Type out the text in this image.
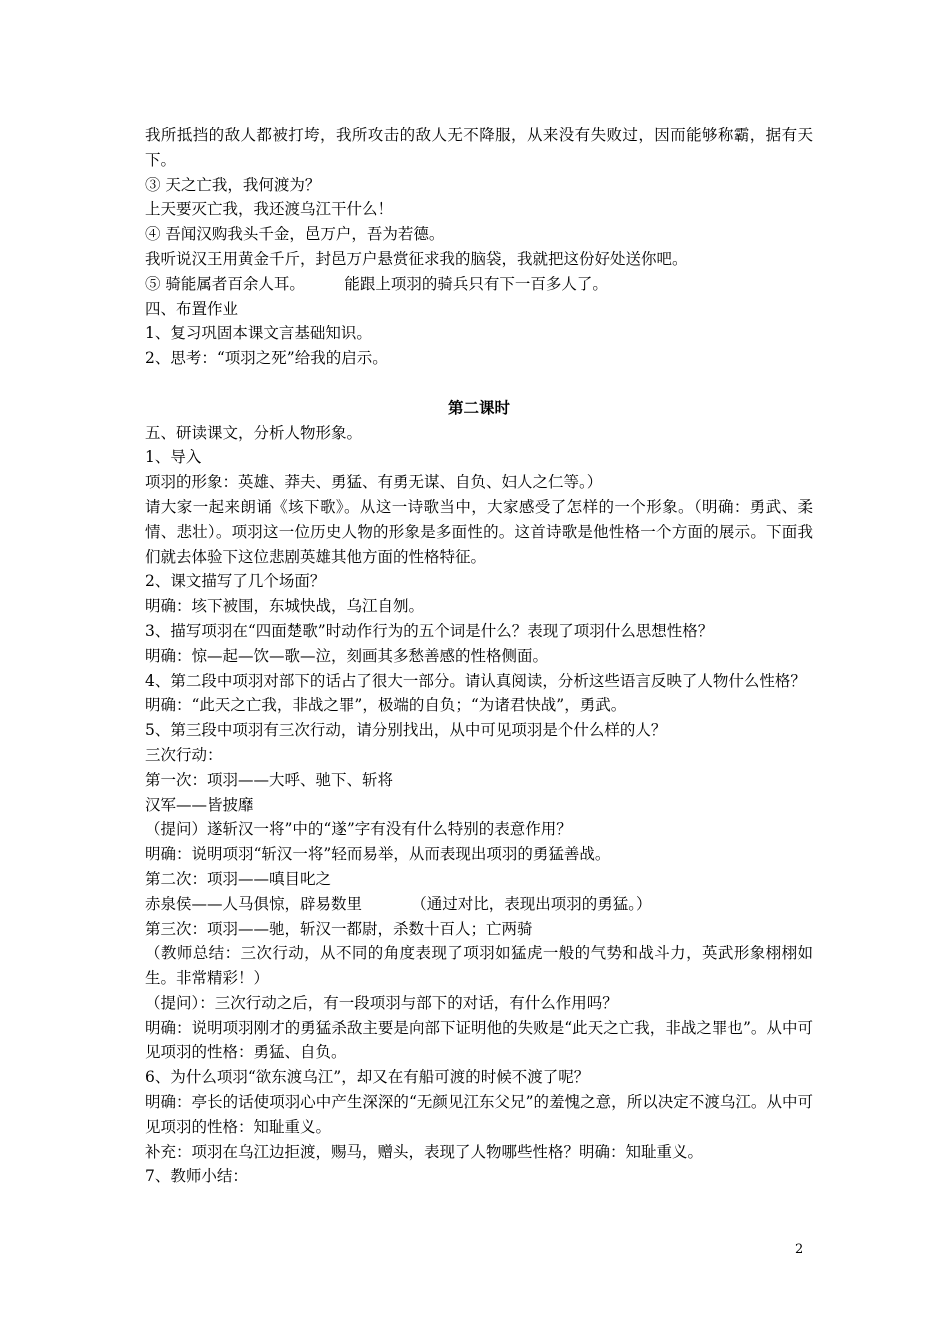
我所抵挡的敌人都被打垮，我所攻击的敌人无不降服，从来没有失败过，因而能够称霸，据有天下。

③ 天之亡我，我何渡为？

上天要灭亡我，我还渡乌江干什么！

④ 吾闻汉购我头千金，邑万户，吾为若德。

我听说汉王用黄金千斤，封邑万户悬赏征求我的脑袋，我就把这份好处送你吧。

⑤ 骑能属者百余人耳。        能跟上项羽的骑兵只有下一百多人了。

四、布置作业

1、复习巩固本课文言基础知识。

2、思考：“项羽之死”给我的启示。

第二课时

五、研读课文，分析人物形象。

1、导入

项羽的形象：英雄、莽夫、勇猛、有勇无谋、自负、妇人之仁等。）

请大家一起来朗诵《垓下歌》。从这一诗歌当中，大家感受了怎样的一个形象。（明确：勇武、柔情、悲壮）。项羽这一位历史人物的形象是多面性的。这首诗歌是他性格一个方面的展示。下面我们就去体验下这位悲剧英雄其他方面的性格特征。

2、课文描写了几个场面？

明确：垓下被围，东城快战，乌江自刎。

3、描写项羽在“四面楚歌”时动作行为的五个词是什么？表现了项羽什么思想性格？

明确：惊—起—饮—歌—泣，刻画其多愁善感的性格侧面。

4、第二段中项羽对部下的话占了很大一部分。请认真阅读，分析这些语言反映了人物什么性格？

明确：“此天之亡我，非战之罪”，极端的自负；“为诸君快战”，勇武。

5、第三段中项羽有三次行动，请分别找出，从中可见项羽是个什么样的人？

三次行动：

第一次：项羽——大呼、驰下、斩将

汉军——皆披靡

（提问）遂斩汉一将”中的“遂”字有没有什么特别的表意作用？

明确：说明项羽“斩汉一将”轻而易举，从而表现出项羽的勇猛善战。

第二次：项羽——嗔目叱之

赤泉侯——人马俱惊，辟易数里          （通过对比，表现出项羽的勇猛。）

第三次：项羽——驰，斩汉一都尉，杀数十百人；亡两骑

（教师总结：三次行动，从不同的角度表现了项羽如猛虎一般的气势和战斗力，英武形象栩栩如生。非常精彩！）

（提问）：三次行动之后，有一段项羽与部下的对话，有什么作用吗？

明确：说明项羽刚才的勇猛杀敌主要是向部下证明他的失败是“此天之亡我，非战之罪也”。从中可见项羽的性格：勇猛、自负。

6、为什么项羽“欲东渡乌江”，却又在有船可渡的时候不渡了呢？

明确：亭长的话使项羽心中产生深深的“无颜见江东父兄”的羞愧之意，所以决定不渡乌江。从中可见项羽的性格：知耻重义。

补充：项羽在乌江边拒渡，赐马，赠头，表现了人物哪些性格？明确：知耻重义。

7、教师小结：

2
